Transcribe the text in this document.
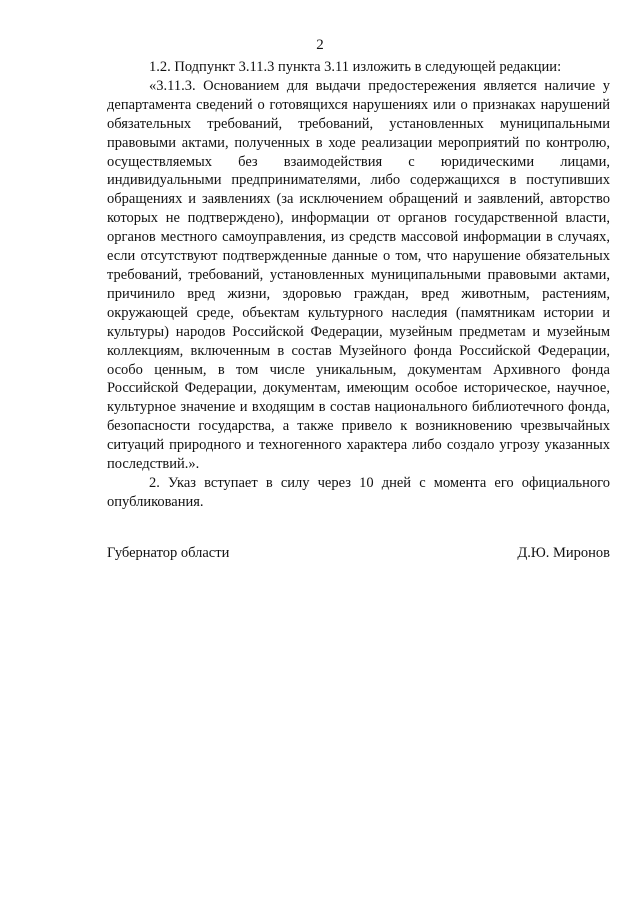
2

1.2. Подпункт 3.11.3 пункта 3.11 изложить в следующей редакции:

«3.11.3. Основанием для выдачи предостережения является наличие у департамента сведений о готовящихся нарушениях или о признаках нарушений обязательных требований, требований, установленных муниципальными правовыми актами, полученных в ходе реализации мероприятий по контролю, осуществляемых без взаимодействия с юридическими лицами, индивидуальными предпринимателями, либо содержащихся в поступивших обращениях и заявлениях (за исключением обращений и заявлений, авторство которых не подтверждено), информации от органов государственной власти, органов местного самоуправления, из средств массовой информации в случаях, если отсутствуют подтвержденные данные о том, что нарушение обязательных требований, требований, установленных муниципальными правовыми актами, причинило вред жизни, здоровью граждан, вред животным, растениям, окружающей среде, объектам культурного наследия (памятникам истории и культуры) народов Российской Федерации, музейным предметам и музейным коллекциям, включенным в состав Музейного фонда Российской Федерации, особо ценным, в том числе уникальным, документам Архивного фонда Российской Федерации, документам, имеющим особое историческое, научное, культурное значение и входящим в состав национального библиотечного фонда, безопасности государства, а также привело к возникновению чрезвычайных ситуаций природного и техногенного характера либо создало угрозу указанных последствий.».

2. Указ вступает в силу через 10 дней с момента его официального опубликования.

Губернатор области	Д.Ю. Миронов
